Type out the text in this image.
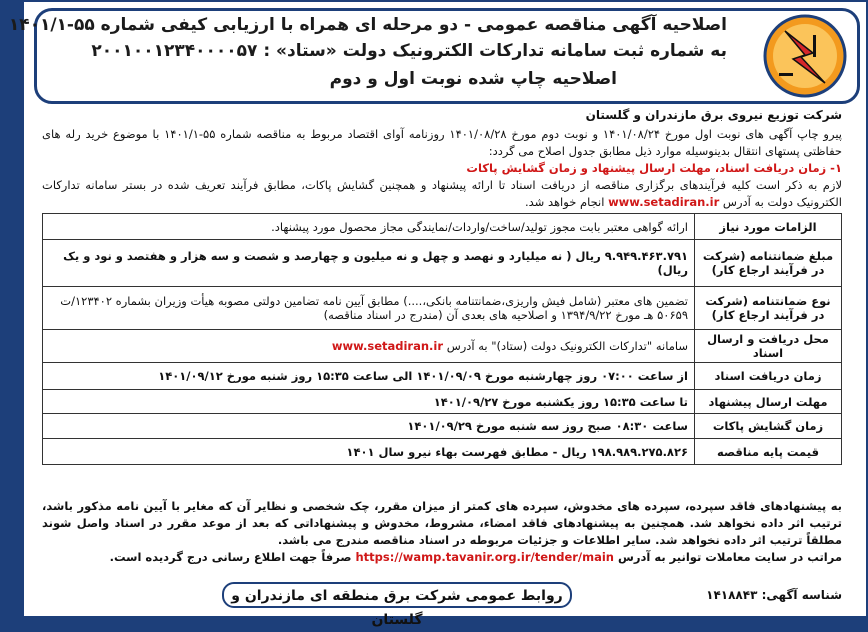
اصلاحیه آگهی مناقصه عمومی - دو مرحله ای همراه با ارزیابی کیفی شماره ۵۵-۱۴۰۱/۱
به شماره ثبت سامانه تدارکات الکترونیک دولت «ستاد» : ۲۰۰۱۰۰۱۲۳۴۰۰۰۰۵۷
اصلاحیه چاپ شده نوبت اول و دوم
شرکت توزیع نیروی برق مازندران و گلستان
پیرو چاپ آگهی های نوبت اول مورخ ۱۴۰۱/۰۸/۲۴ و نوبت دوم مورخ ۱۴۰۱/۰۸/۲۸ روزنامه آوای اقتصاد مربوط به مناقصه شماره ۵۵-۱۴۰۱/۱ با موضوع خرید رله های حفاظتی پستهای انتقال بدینوسیله موارد ذیل مطابق جدول اصلاح می گردد:
۱- زمان دریافت اسناد، مهلت ارسال پیشنهاد و زمان گشایش پاکات
لازم به ذکر است کلیه فرآیندهای برگزاری مناقصه از دریافت اسناد تا ارائه پیشنهاد و همچنین گشایش پاکات، مطابق فرآیند تعریف شده در بستر سامانه تدارکات الکترونیک دولت به آدرس www.setadiran.ir انجام خواهد شد.
الزامات مورد نیاز	ارائه گواهی معتبر بابت مجوز تولید/ساخت/واردات/نمایندگی مجاز محصول مورد پیشنهاد.
مبلغ ضمانتنامه (شرکت در فرآیند ارجاع کار)	۹.۹۴۹.۴۶۳.۷۹۱ ریال ( نه میلیارد و نهصد و چهل و نه میلیون و چهارصد و شصت و سه هزار و هفتصد و نود و یک ریال)
نوع ضمانتنامه (شرکت در فرآیند ارجاع کار)	تضمین های معتبر (شامل فیش واریزی،ضمانتنامه بانکی،....) مطابق آیین نامه تضامین دولتی مصوبه هیأت وزیران بشماره ۱۲۳۴۰۲/ت ۵۰۶۵۹ هـ مورخ ۱۳۹۴/۹/۲۲ و اصلاحیه های بعدی آن (مندرج در اسناد مناقصه)
محل دریافت و ارسال اسناد	سامانه "تدارکات الکترونیک دولت (ستاد)" به آدرس www.setadiran.ir
زمان دریافت اسناد	از ساعت ۰۷:۰۰ روز چهارشنبه مورخ ۱۴۰۱/۰۹/۰۹ الی ساعت ۱۵:۳۵ روز شنبه مورخ ۱۴۰۱/۰۹/۱۲
مهلت ارسال پیشنهاد	تا ساعت ۱۵:۳۵ روز یکشنبه مورخ ۱۴۰۱/۰۹/۲۷
زمان گشایش پاکات	ساعت ۰۸:۳۰ صبح روز سه شنبه مورخ ۱۴۰۱/۰۹/۲۹
قیمت پایه مناقصه	۱۹۸.۹۸۹.۲۷۵.۸۲۶ ریال - مطابق فهرست بهاء نیرو سال ۱۴۰۱
به پیشنهادهای فاقد سپرده، سپرده های مخدوش، سپرده های کمتر از میزان مقرر، چک شخصی و نظایر آن که مغایر با آیین نامه مذکور باشد، ترتیب اثر داده نخواهد شد. همچنین به پیشنهادهای فاقد امضاء، مشروط، مخدوش و پیشنهاداتی که بعد از موعد مقرر در اسناد واصل شوند مطلقاً ترتیب اثر داده نخواهد شد. سایر اطلاعات و جزئیات مربوطه در اسناد مناقصه مندرج می باشد.
مراتب در سایت معاملات توانیر به آدرس https://wamp.tavanir.org.ir/tender/main صرفاً جهت اطلاع رسانی درج گردیده است.
شناسه آگهی: ۱۴۱۸۸۴۳
روابط عمومی شرکت برق منطقه ای مازندران و گلستان
